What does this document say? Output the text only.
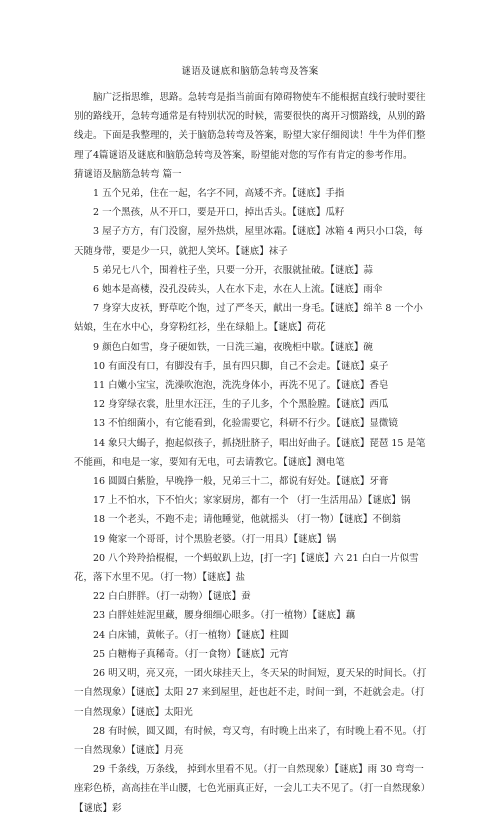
谜语及谜底和脑筋急转弯及答案

脑广泛指思维，思路。急转弯是指当前面有障碍物使车不能根据直线行驶时要往别的路线开，急转弯通常是有特别状况的时候，需要很快的离开习惯路线，从别的路线走。下面是我整理的，关于脑筋急转弯及答案，盼望大家仔细阅读！牛牛为伴们整理了4篇谜语及谜底和脑筋急转弯及答案，盼望能对您的写作有肯定的参考作用。

猜谜语及脑筋急转弯 篇一

1 五个兄弟，住在一起，名字不同，高矮不齐。【谜底】手指

2 一个黑孩，从不开口，要是开口，掉出舌头。【谜底】瓜籽

3 屋子方方，有门没窗，屋外热烘，屋里冰霜。【谜底】冰箱 4 两只小口袋，每天随身带，要是少一只，就把人笑坏。【谜底】袜子

5 弟兄七八个，围着柱子坐，只要一分开，衣服就扯破。【谜底】蒜

6 她本是高楼，没孔没砖头，人在水下走，水在人上流。【谜底】雨伞

7 身穿大皮袄，野草吃个饱，过了严冬天，献出一身毛。【谜底】绵羊 8 一个小姑娘，生在水中心，身穿粉红衫，坐在绿船上。【谜底】荷花

9 颜色白如雪，身子硬如铁，一日洗三遍，夜晚柜中歇。【谜底】碗

10 有面没有口，有脚没有手，虽有四只脚，自己不会走。【谜底】桌子

11 白嫩小宝宝，洗澡吹泡泡，洗洗身体小，再洗不见了。【谜底】香皂

12 身穿绿衣裳，肚里水汪汪，生的子儿多，个个黑脸膛。【谜底】西瓜

13 不怕细菌小，有它能看到，化验需要它，科研不行少。【谜底】显微镜

14 象只大蝎子，抱起似孩子，抓挠肚脐子，唱出好曲子。【谜底】琵琶 15 是笔不能画，和电是一家，要知有无电，可去请教它。【谜底】测电笔

16 圆圆白紫脸，早晚挣一般，兄弟三十二，都说有好处。【谜底】牙膏

17 上不怕水，下不怕火；家家厨房，都有一个 （打一生活用品）【谜底】锅

18 一个老头，不跑不走；请他睡觉，他就摇头 （打一物）【谜底】不倒翁

19 俺家一个哥哥，讨个黑脸老婆。（打一用具）【谜底】锅

20 八个羚羚拾棍棍，一个蚂蚁趴上边，[打一字]【谜底】六 21 白白一片似雪花，落下水里不见。（打一物）【谜底】盐

22 白白胖胖。（打一动物）【谜底】蚕

23 白胖娃娃泥里藏，腰身细细心眼多。（打一植物）【谜底】藕

24 白床铺，黄帐子。（打一植物）【谜底】柱圆

25 白糖梅子真稀奇。（打一食物）【谜底】元宵

26 明又明，亮又亮，一团火球挂天上，冬天呆的时间短，夏天呆的时间长。（打一自然现象）【谜底】太阳 27 来到屋里，赶也赶不走，时间一到，不赶就会走。（打一自然现象）【谜底】太阳光

28 有时候，圆又圆，有时候，弯又弯，有时晚上出来了，有时晚上看不见。（打一自然现象）【谜底】月亮

29 千条线，万条线， 掉到水里看不见。（打一自然现象）【谜底】雨 30 弯弯一座彩色桥，高高挂在半山腰，七色光丽真正好，一会儿工夫不见了。（打一自然现象）【谜底】彩
